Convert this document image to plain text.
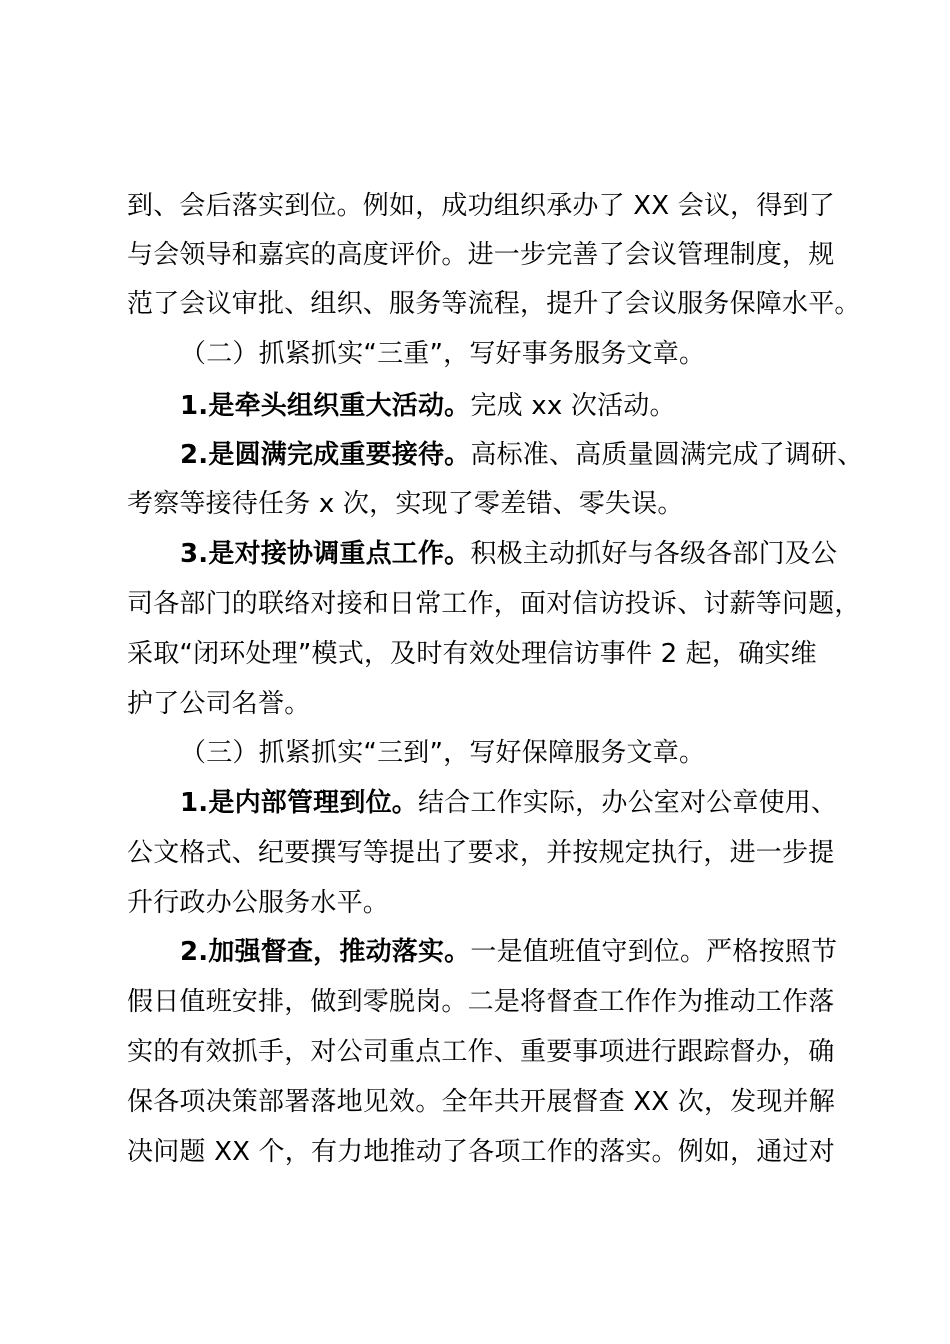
到、会后落实到位。例如，成功组织承办了 XX 会议，得到了
与会领导和嘉宾的高度评价。进一步完善了会议管理制度，规
范了会议审批、组织、服务等流程，提升了会议服务保障水平。
（二）抓紧抓实“三重”，写好事务服务文章。
1.是牵头组织重大活动。完成 xx 次活动。
2.是圆满完成重要接待。高标准、高质量圆满完成了调研、
考察等接待任务 x 次，实现了零差错、零失误。
3.是对接协调重点工作。积极主动抓好与各级各部门及公
司各部门的联络对接和日常工作，面对信访投诉、讨薪等问题，
采取“闭环处理”模式，及时有效处理信访事件 2 起，确实维
护了公司名誉。
（三）抓紧抓实“三到”，写好保障服务文章。
1.是内部管理到位。结合工作实际，办公室对公章使用、
公文格式、纪要撰写等提出了要求，并按规定执行，进一步提
升行政办公服务水平。
2.加强督查，推动落实。一是值班值守到位。严格按照节
假日值班安排，做到零脱岗。二是将督查工作作为推动工作落
实的有效抓手，对公司重点工作、重要事项进行跟踪督办，确
保各项决策部署落地见效。全年共开展督查 XX 次，发现并解
决问题 XX 个，有力地推动了各项工作的落实。例如，通过对
